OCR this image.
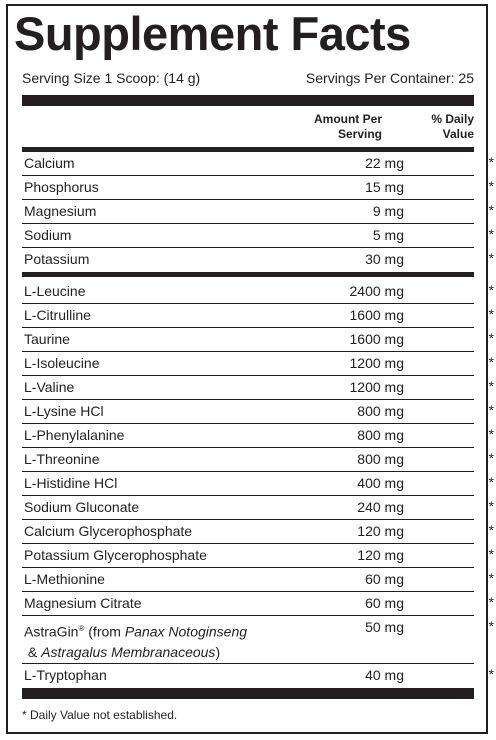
Supplement Facts
Serving Size 1 Scoop: (14 g)	Servings Per Container: 25
Amount Per
Serving
% Daily
Value
Calcium	22 mg	*
Phosphorus	15 mg	*
Magnesium	9 mg	*
Sodium	5 mg	*
Potassium	30 mg	*
L-Leucine	2400 mg	*
L-Citrulline	1600 mg	*
Taurine	1600 mg	*
L-Isoleucine	1200 mg	*
L-Valine	1200 mg	*
L-Lysine HCl	800 mg	*
L-Phenylalanine	800 mg	*
L-Threonine	800 mg	*
L-Histidine HCl	400 mg	*
Sodium Gluconate	240 mg	*
Calcium Glycerophosphate	120 mg	*
Potassium Glycerophosphate	120 mg	*
L-Methionine	60 mg	*
Magnesium Citrate	60 mg	*
AstraGin® (from Panax Notoginseng
& Astragalus Membranaceous)
50 mg	*
L-Tryptophan	40 mg	*
* Daily Value not established.
